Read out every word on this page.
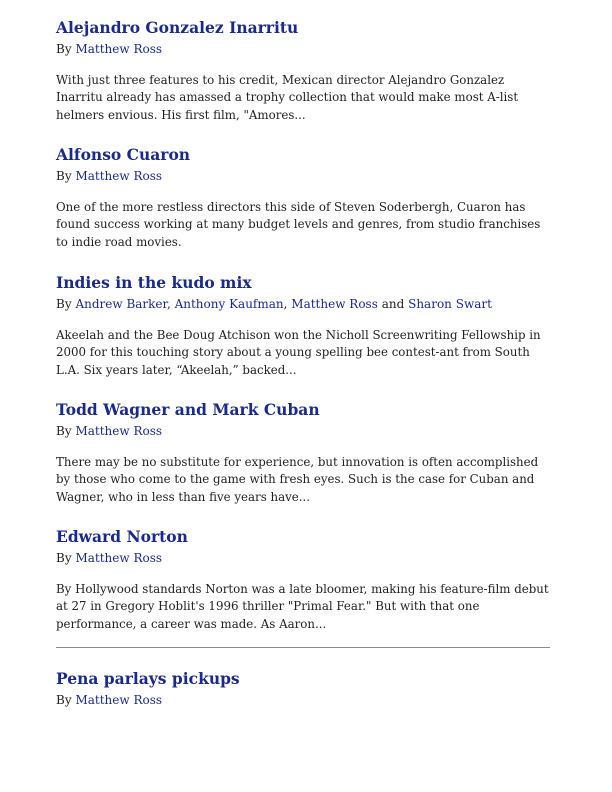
Alejandro Gonzalez Inarritu

By Matthew Ross

With just three features to his credit, Mexican director Alejandro Gonzalez Inarritu already has amassed a trophy collection that would make most A-list helmers envious. His first film, "Amores...

Alfonso Cuaron

By Matthew Ross

One of the more restless directors this side of Steven Soderbergh, Cuaron has found success working at many budget levels and genres, from studio franchises to indie road movies.

Indies in the kudo mix

By Andrew Barker, Anthony Kaufman, Matthew Ross and Sharon Swart

Akeelah and the Bee Doug Atchison won the Nicholl Screenwriting Fellowship in 2000 for this touching story about a young spelling bee contest-ant from South L.A. Six years later, “Akeelah,” backed...

Todd Wagner and Mark Cuban

By Matthew Ross

There may be no substitute for experience, but innovation is often accomplished by those who come to the game with fresh eyes. Such is the case for Cuban and Wagner, who in less than five years have...

Edward Norton

By Matthew Ross

By Hollywood standards Norton was a late bloomer, making his feature-film debut at 27 in Gregory Hoblit's 1996 thriller "Primal Fear." But with that one performance, a career was made. As Aaron...

Pena parlays pickups

By Matthew Ross
